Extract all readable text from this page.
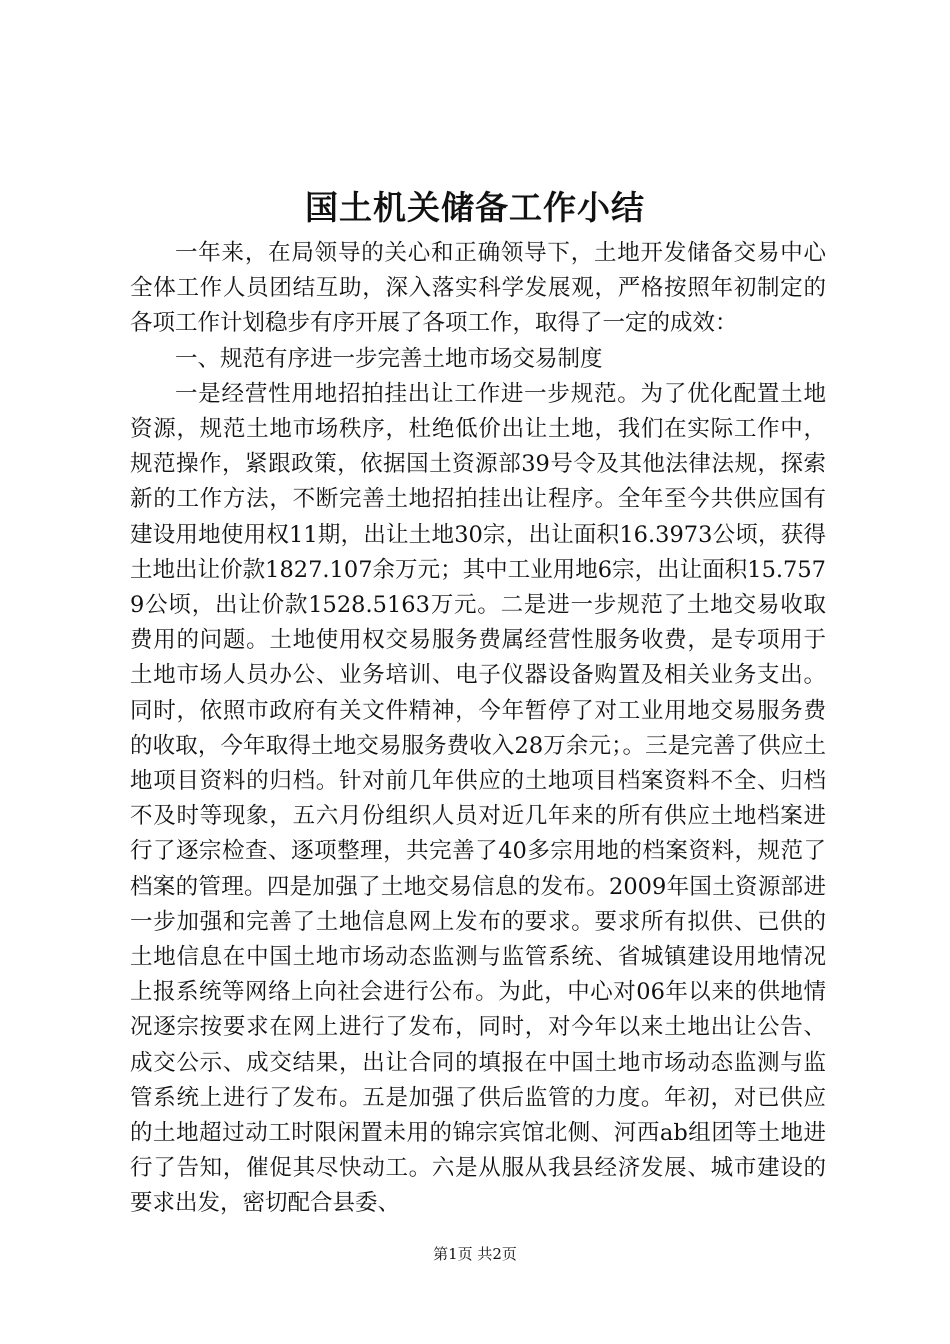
国土机关储备工作小结

一年来，在局领导的关心和正确领导下，土地开发储备交易中心全体工作人员团结互助，深入落实科学发展观，严格按照年初制定的各项工作计划稳步有序开展了各项工作，取得了一定的成效：

一、规范有序进一步完善土地市场交易制度

一是经营性用地招拍挂出让工作进一步规范。为了优化配置土地资源，规范土地市场秩序，杜绝低价出让土地，我们在实际工作中，规范操作，紧跟政策，依据国土资源部39号令及其他法律法规，探索新的工作方法，不断完善土地招拍挂出让程序。全年至今共供应国有建设用地使用权11期，出让土地30宗，出让面积16.3973公顷，获得土地出让价款1827.107余万元；其中工业用地6宗，出让面积15.7579公顷，出让价款1528.5163万元。二是进一步规范了土地交易收取费用的问题。土地使用权交易服务费属经营性服务收费，是专项用于土地市场人员办公、业务培训、电子仪器设备购置及相关业务支出。同时，依照市政府有关文件精神，今年暂停了对工业用地交易服务费的收取，今年取得土地交易服务费收入28万余元；。三是完善了供应土地项目资料的归档。针对前几年供应的土地项目档案资料不全、归档不及时等现象，五六月份组织人员对近几年来的所有供应土地档案进行了逐宗检查、逐项整理，共完善了40多宗用地的档案资料，规范了档案的管理。四是加强了土地交易信息的发布。2009年国土资源部进一步加强和完善了土地信息网上发布的要求。要求所有拟供、已供的土地信息在中国土地市场动态监测与监管系统、省城镇建设用地情况上报系统等网络上向社会进行公布。为此，中心对06年以来的供地情况逐宗按要求在网上进行了发布，同时，对今年以来土地出让公告、成交公示、成交结果，出让合同的填报在中国土地市场动态监测与监管系统上进行了发布。五是加强了供后监管的力度。年初，对已供应的土地超过动工时限闲置未用的锦宗宾馆北侧、河西ab组团等土地进行了告知，催促其尽快动工。六是从服从我县经济发展、城市建设的要求出发，密切配合县委、

第1页 共2页
